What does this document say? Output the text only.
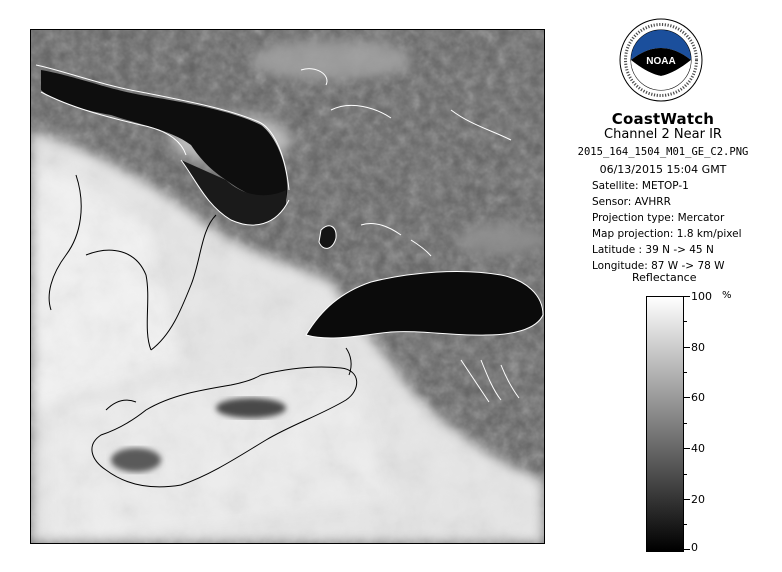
NOAA
CoastWatch
Channel 2 Near IR
2015_164_1504_M01_GE_C2.PNG
06/13/2015 15:04 GMT
Satellite: METOP-1
Sensor: AVHRR
Projection type: Mercator
Map projection: 1.8 km/pixel
Latitude : 39 N -> 45 N
Longitude: 87 W -> 78 W
Reflectance
%
100
80
60
40
20
0
